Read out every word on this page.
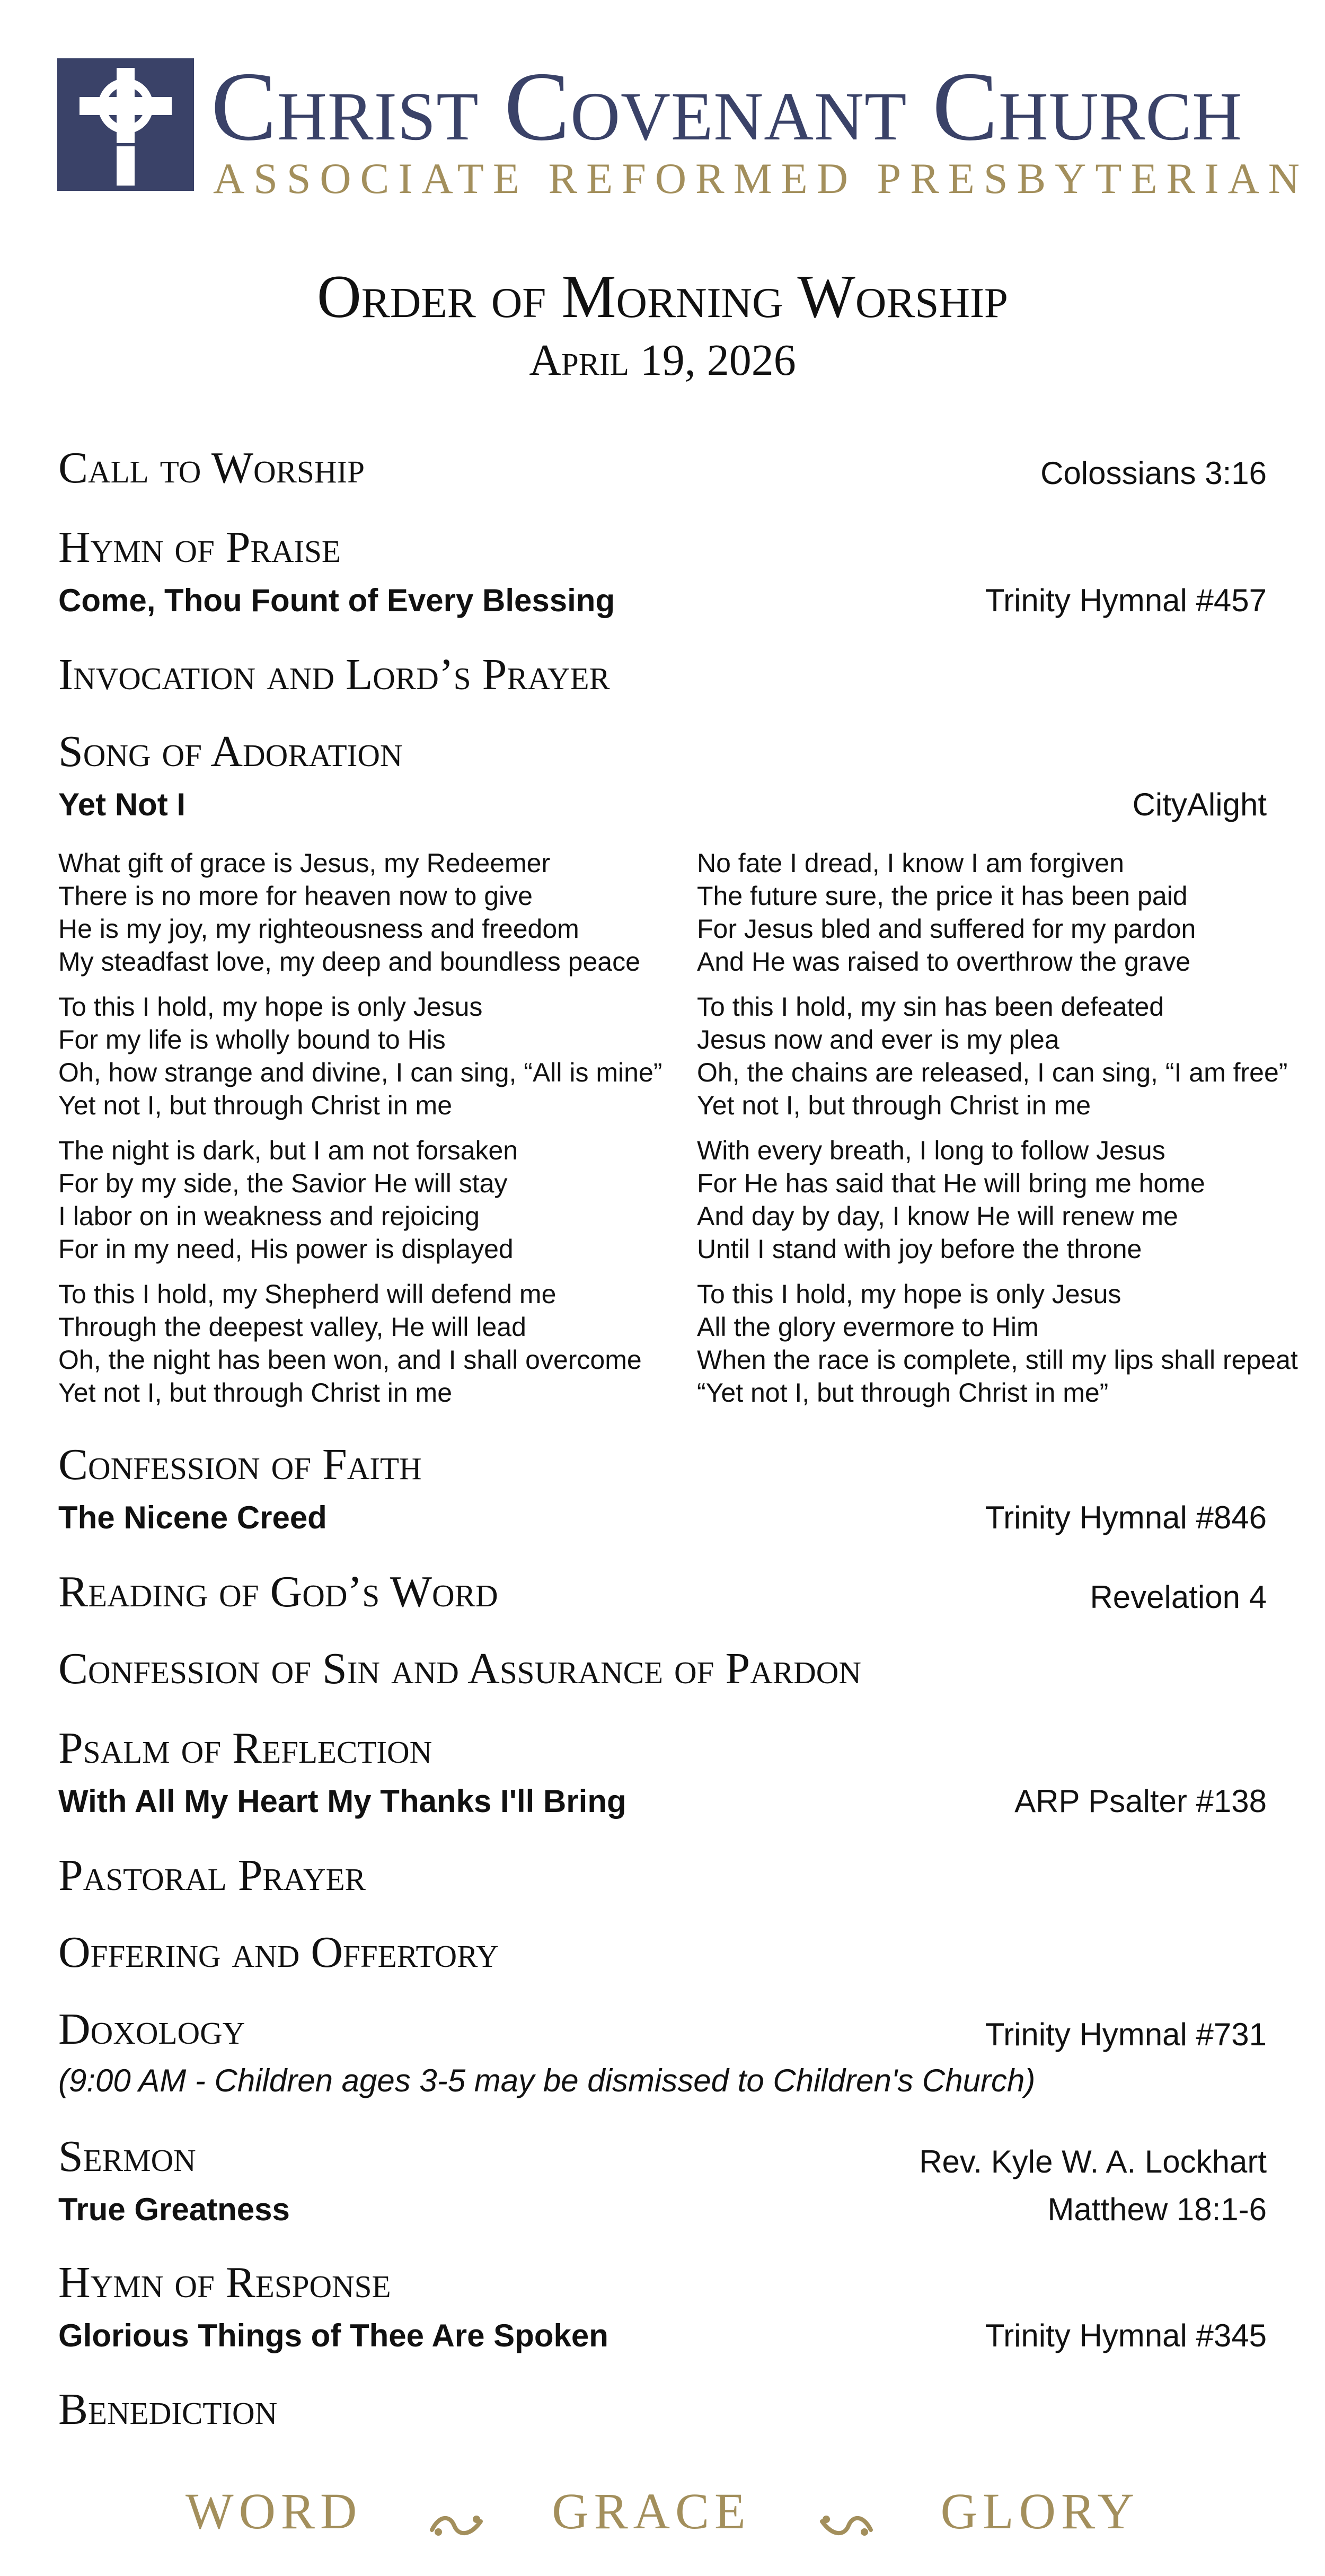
Christ Covenant Church
ASSOCIATE REFORMED PRESBYTERIAN
Order of Morning Worship
April 19, 2026
Call to Worship	Colossians 3:16
Hymn of Praise
Come, Thou Fount of Every Blessing	Trinity Hymnal #457
Invocation and Lord’s Prayer
Song of Adoration
Yet Not I	CityAlight
What gift of grace is Jesus, my Redeemer
There is no more for heaven now to give
He is my joy, my righteousness and freedom
My steadfast love, my deep and boundless peace
To this I hold, my hope is only Jesus
For my life is wholly bound to His
Oh, how strange and divine, I can sing, “All is mine”
Yet not I, but through Christ in me
The night is dark, but I am not forsaken
For by my side, the Savior He will stay
I labor on in weakness and rejoicing
For in my need, His power is displayed
To this I hold, my Shepherd will defend me
Through the deepest valley, He will lead
Oh, the night has been won, and I shall overcome
Yet not I, but through Christ in me
No fate I dread, I know I am forgiven
The future sure, the price it has been paid
For Jesus bled and suffered for my pardon
And He was raised to overthrow the grave
To this I hold, my sin has been defeated
Jesus now and ever is my plea
Oh, the chains are released, I can sing, “I am free”
Yet not I, but through Christ in me
With every breath, I long to follow Jesus
For He has said that He will bring me home
And day by day, I know He will renew me
Until I stand with joy before the throne
To this I hold, my hope is only Jesus
All the glory evermore to Him
When the race is complete, still my lips shall repeat
“Yet not I, but through Christ in me”
Confession of Faith
The Nicene Creed	Trinity Hymnal #846
Reading of God’s Word	Revelation 4
Confession of Sin and Assurance of Pardon
Psalm of Reflection
With All My Heart My Thanks I'll Bring	ARP Psalter #138
Pastoral Prayer
Offering and Offertory
Doxology	Trinity Hymnal #731
(9:00 AM - Children ages 3-5 may be dismissed to Children's Church)
Sermon	Rev. Kyle W. A. Lockhart
True Greatness	Matthew 18:1-6
Hymn of Response
Glorious Things of Thee Are Spoken	Trinity Hymnal #345
Benediction
WORD	GRACE	GLORY
